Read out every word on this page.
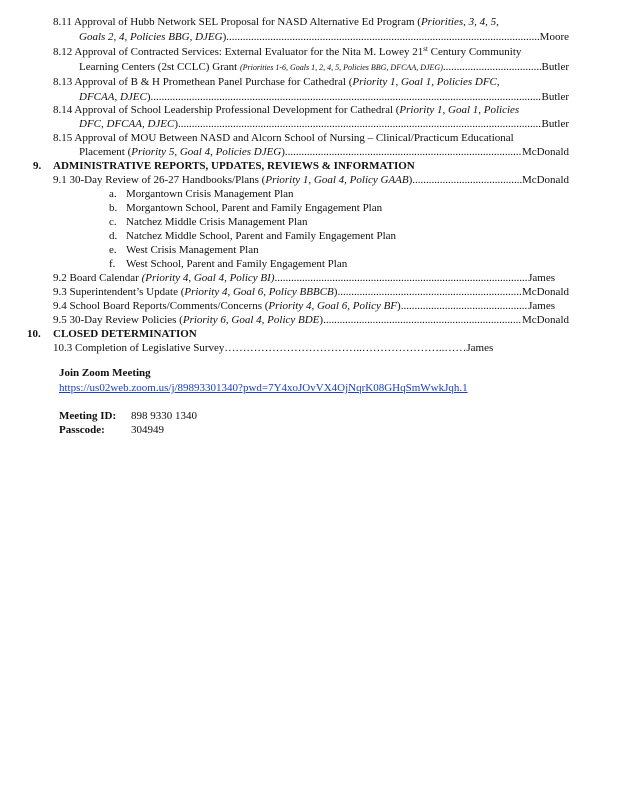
8.11 Approval of Hubb Network SEL Proposal for NASD Alternative Ed Program (Priorities, 3, 4, 5,
Goals 2, 4, Policies BBG, DJEG) .....	Moore
8.12 Approval of Contracted Services: External Evaluator for the Nita M. Lowey 21st Century Community
Learning Centers (2st CCLC) Grant (Priorities 1-6, Goals 1, 2, 4, 5, Policies BBG, DFCAA, DJEG) .....	Butler
8.13 Approval of B & H Promethean Panel Purchase for Cathedral (Priority 1, Goal 1, Policies DFC,
DFCAA, DJEC) .....	Butler
8.14 Approval of School Leadership Professional Development for Cathedral (Priority 1, Goal 1, Policies
DFC, DFCAA, DJEC) .....	Butler
8.15 Approval of MOU Between NASD and Alcorn School of Nursing – Clinical/Practicum Educational
Placement (Priority 5, Goal 4, Policies DJEG) .....	McDonald
9. ADMINISTRATIVE REPORTS, UPDATES, REVIEWS & INFORMATION
9.1 30-Day Review of 26-27 Handbooks/Plans (Priority 1, Goal 4, Policy GAAB) .....	McDonald
a. Morgantown Crisis Management Plan
b. Morgantown School, Parent and Family Engagement Plan
c. Natchez Middle Crisis Management Plan
d. Natchez Middle School, Parent and Family Engagement Plan
e. West Crisis Management Plan
f. West School, Parent and Family Engagement Plan
9.2 Board Calendar (Priority 4, Goal 4, Policy BI) .....	James
9.3 Superintendent’s Update (Priority 4, Goal 6, Policy BBBCB) .....	McDonald
9.4 School Board Reports/Comments/Concerns (Priority 4, Goal 6, Policy BF) .....	James
9.5 30-Day Review Policies (Priority 6, Goal 4, Policy BDE) .....	McDonald
10. CLOSED DETERMINATION
10.3 Completion of Legislative Survey………………………………..…………………..……James
Join Zoom Meeting
https://us02web.zoom.us/j/89893301340?pwd=7Y4xoJOvVX4OjNqrK08GHqSmWwkJqh.1
Meeting ID: 898 9330 1340
Passcode: 304949
